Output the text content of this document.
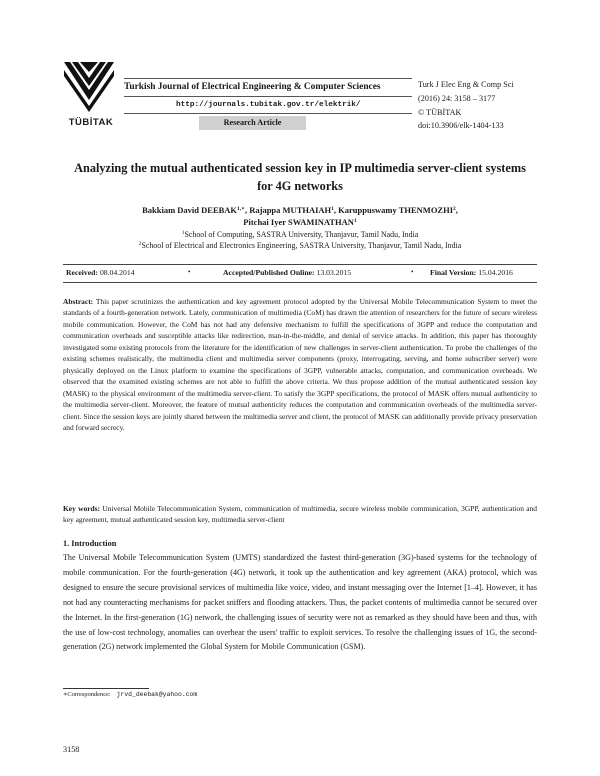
TÜBİTAK
Turkish Journal of Electrical Engineering & Computer Sciences
http://journals.tubitak.gov.tr/elektrik/
Research Article
Turk J Elec Eng & Comp Sci
(2016) 24: 3158 – 3177
© TÜBİTAK
doi:10.3906/elk-1404-133
Analyzing the mutual authenticated session key in IP multimedia server-client systems for 4G networks
Bakkiam David $DEEBAK^{1,∗}$, Rajappa MUTHAIAH$^1$, Karuppuswamy THENMOZHI$^2$,
Pitchai Iyer SWAMINATHAN$^1$
$^1$School of Computing, SASTRA University, Thanjavur, Tamil Nadu, India
$^2$School of Electrical and Electronics Engineering, SASTRA University, Thanjavur, Tamil Nadu, India
Received: 08.04.2014	•	Accepted/Published Online: 13.03.2015	• Final Version: 15.04.2016

Abstract: This paper scrutinizes the authentication and key agreement protocol adopted by the Universal Mobile Telecommunication System to meet the standards of a fourth-generation network. Lately, communication of multimedia (CoM) has drawn the attention of researchers for the future of secure wireless mobile communication. However, the CoM has not had any defensive mechanism to fulfill the specifications of 3GPP and reduce the computation and communication overheads and susceptible attacks like redirection, man-in-the-middle, and denial of service attacks. In addition, this paper has thoroughly investigated some existing protocols from the literature for the identification of new challenges in server-client authentication. To probe the challenges of the existing schemes realistically, the multimedia client and multimedia server components (proxy, interrogating, serving, and home subscriber server) were physically deployed on the Linux platform to examine the specifications of 3GPP, vulnerable attacks, computation, and communication overheads. We observed that the examined existing schemes are not able to fulfill the above criteria. We thus propose addition of the mutual authenticated session key (MASK) to the physical environment of the multimedia server-client. To satisfy the 3GPP specifications, the protocol of MASK offers mutual authenticity to the multimedia server-client. Moreover, the feature of mutual authenticity reduces the computation and communication overheads of the multimedia server-client. Since the session keys are jointly shared between the multimedia server and client, the protocol of MASK can additionally provide privacy preservation and forward secrecy.

Key words: Universal Mobile Telecommunication System, communication of multimedia, secure wireless mobile communication, 3GPP, authentication and key agreement, mutual authenticated session key, multimedia server-client
1. Introduction
The Universal Mobile Telecommunication System (UMTS) standardized the fastest third-generation (3G)-based systems for the technology of mobile communication. For the fourth-generation (4G) network, it took up the authentication and key agreement (AKA) protocol, which was designed to ensure the secure provisional services of multimedia like voice, video, and instant messaging over the Internet [1–4]. However, it has not had any counteracting mechanisms for packet sniffers and flooding attackers. Thus, the packet contents of multimedia cannot be secured over the Internet. In the first-generation (1G) network, the challenging issues of security were not as remarked as they should have been and thus, with the use of low-cost technology, anomalies can overhear the users' traffic to exploit services. To resolve the challenging issues of 1G, the second-generation (2G) network implemented the Global System for Mobile Communication (GSM).
∗Correspondence: jrvd_deebak@yahoo.com
3158
